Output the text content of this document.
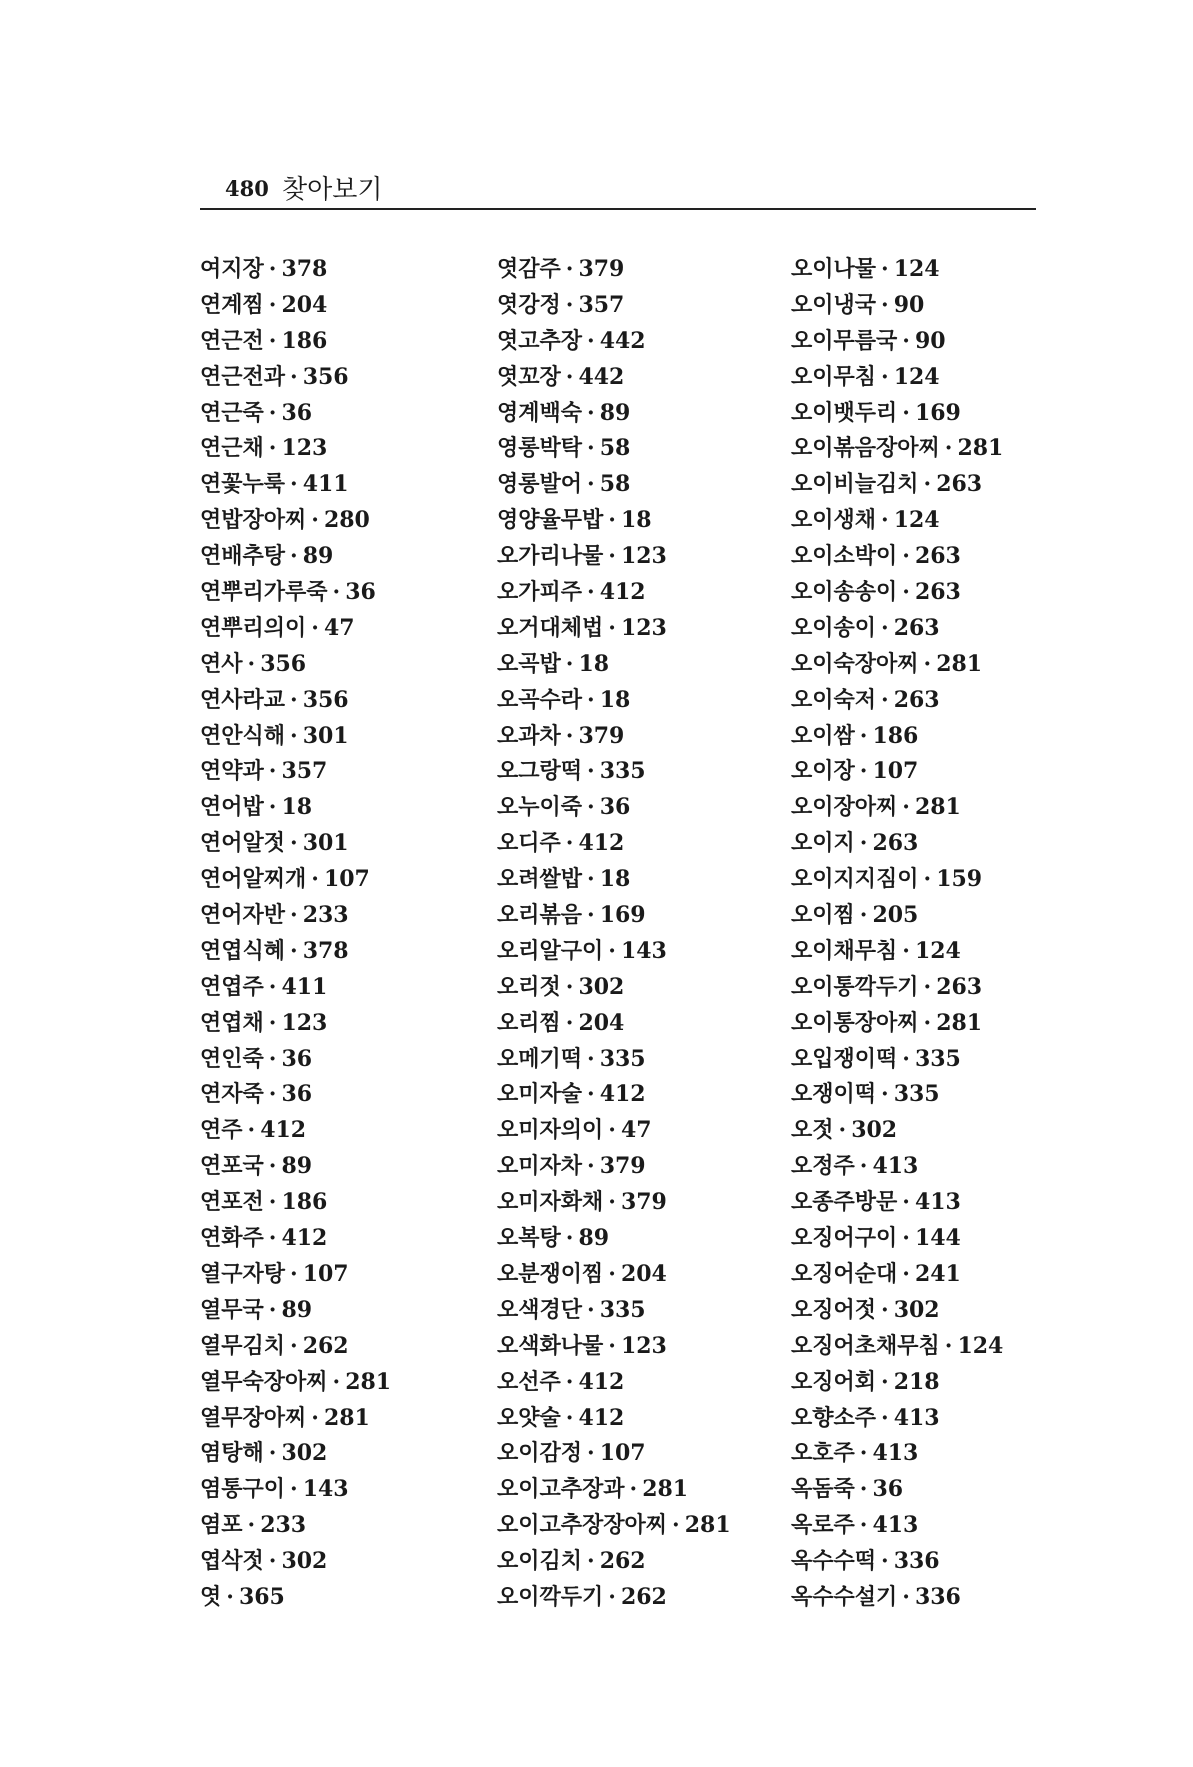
480 찾아보기
여지장 · 378
연계찜 · 204
연근전 · 186
연근전과 · 356
연근죽 · 36
연근채 · 123
연꽃누룩 · 411
연밥장아찌 · 280
연배추탕 · 89
연뿌리가루죽 · 36
연뿌리의이 · 47
연사 · 356
연사라교 · 356
연안식해 · 301
연약과 · 357
연어밥 · 18
연어알젓 · 301
연어알찌개 · 107
연어자반 · 233
연엽식혜 · 378
연엽주 · 411
연엽채 · 123
연인죽 · 36
연자죽 · 36
연주 · 412
연포국 · 89
연포전 · 186
연화주 · 412
열구자탕 · 107
열무국 · 89
열무김치 · 262
열무숙장아찌 · 281
열무장아찌 · 281
염탕해 · 302
염통구이 · 143
염포 · 233
엽삭젓 · 302
엿 · 365
엿감주 · 379
엿강정 · 357
엿고추장 · 442
엿꼬장 · 442
영계백숙 · 89
영롱박탁 · 58
영롱발어 · 58
영양율무밥 · 18
오가리나물 · 123
오가피주 · 412
오거대체법 · 123
오곡밥 · 18
오곡수라 · 18
오과차 · 379
오그랑떡 · 335
오누이죽 · 36
오디주 · 412
오려쌀밥 · 18
오리볶음 · 169
오리알구이 · 143
오리젓 · 302
오리찜 · 204
오메기떡 · 335
오미자술 · 412
오미자의이 · 47
오미자차 · 379
오미자화채 · 379
오복탕 · 89
오분쟁이찜 · 204
오색경단 · 335
오색화나물 · 123
오선주 · 412
오얏술 · 412
오이감정 · 107
오이고추장과 · 281
오이고추장장아찌 · 281
오이김치 · 262
오이깍두기 · 262
오이나물 · 124
오이냉국 · 90
오이무름국 · 90
오이무침 · 124
오이뱃두리 · 169
오이볶음장아찌 · 281
오이비늘김치 · 263
오이생채 · 124
오이소박이 · 263
오이송송이 · 263
오이송이 · 263
오이숙장아찌 · 281
오이숙저 · 263
오이쌈 · 186
오이장 · 107
오이장아찌 · 281
오이지 · 263
오이지지짐이 · 159
오이찜 · 205
오이채무침 · 124
오이통깍두기 · 263
오이통장아찌 · 281
오입쟁이떡 · 335
오쟁이떡 · 335
오젓 · 302
오정주 · 413
오종주방문 · 413
오징어구이 · 144
오징어순대 · 241
오징어젓 · 302
오징어초채무침 · 124
오징어회 · 218
오향소주 · 413
오호주 · 413
옥돔죽 · 36
옥로주 · 413
옥수수떡 · 336
옥수수설기 · 336
